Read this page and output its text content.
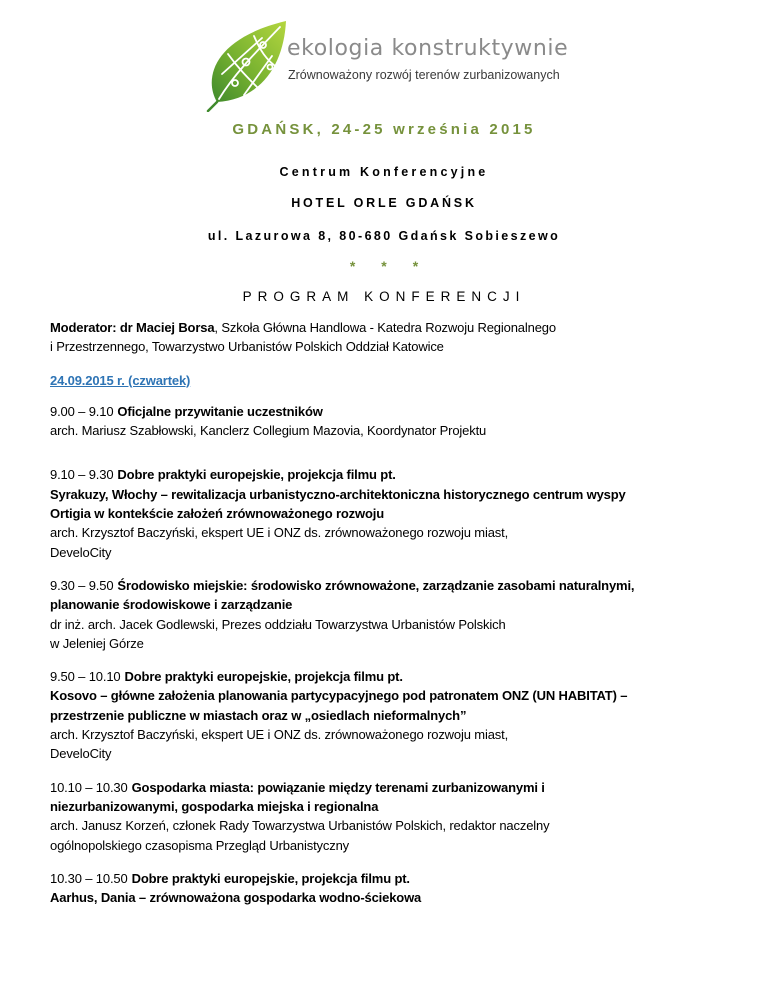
ekologia konstruktywnie
Zrównoważony rozwój terenów zurbanizowanych
GDAŃSK, 24-25 września 2015
Centrum Konferencyjne
HOTEL ORLE GDAŃSK
ul. Lazurowa 8, 80-680 Gdańsk Sobieszewo
* * *
PROGRAM KONFERENCJI
Moderator: dr Maciej Borsa, Szkoła Główna Handlowa - Katedra Rozwoju Regionalnego
i Przestrzennego, Towarzystwo Urbanistów Polskich Oddział Katowice
24.09.2015 r. (czwartek)
9.00 – 9.10 Oficjalne przywitanie uczestników
arch. Mariusz Szabłowski, Kanclerz Collegium Mazovia, Koordynator Projektu
9.10 – 9.30 Dobre praktyki europejskie, projekcja filmu pt.
Syrakuzy, Włochy – rewitalizacja urbanistyczno-architektoniczna historycznego centrum wyspy
Ortigia w kontekście założeń zrównoważonego rozwoju
arch. Krzysztof Baczyński, ekspert UE i ONZ ds. zrównoważonego rozwoju miast,
DeveloCity
9.30 – 9.50 Środowisko miejskie: środowisko zrównoważone, zarządzanie zasobami naturalnymi,
planowanie środowiskowe i zarządzanie
dr inż. arch. Jacek Godlewski, Prezes oddziału Towarzystwa Urbanistów Polskich
w Jeleniej Górze
9.50 – 10.10 Dobre praktyki europejskie, projekcja filmu pt.
Kosovo – główne założenia planowania partycypacyjnego pod patronatem ONZ (UN HABITAT) –
przestrzenie publiczne w miastach oraz w „osiedlach nieformalnych”
arch. Krzysztof Baczyński, ekspert UE i ONZ ds. zrównoważonego rozwoju miast,
DeveloCity
10.10 – 10.30 Gospodarka miasta: powiązanie między terenami zurbanizowanymi i
niezurbanizowanymi, gospodarka miejska i regionalna
arch. Janusz Korzeń, członek Rady Towarzystwa Urbanistów Polskich, redaktor naczelny
ogólnopolskiego czasopisma Przegląd Urbanistyczny
10.30 – 10.50 Dobre praktyki europejskie, projekcja filmu pt.
Aarhus, Dania – zrównoważona gospodarka wodno-ściekowa
